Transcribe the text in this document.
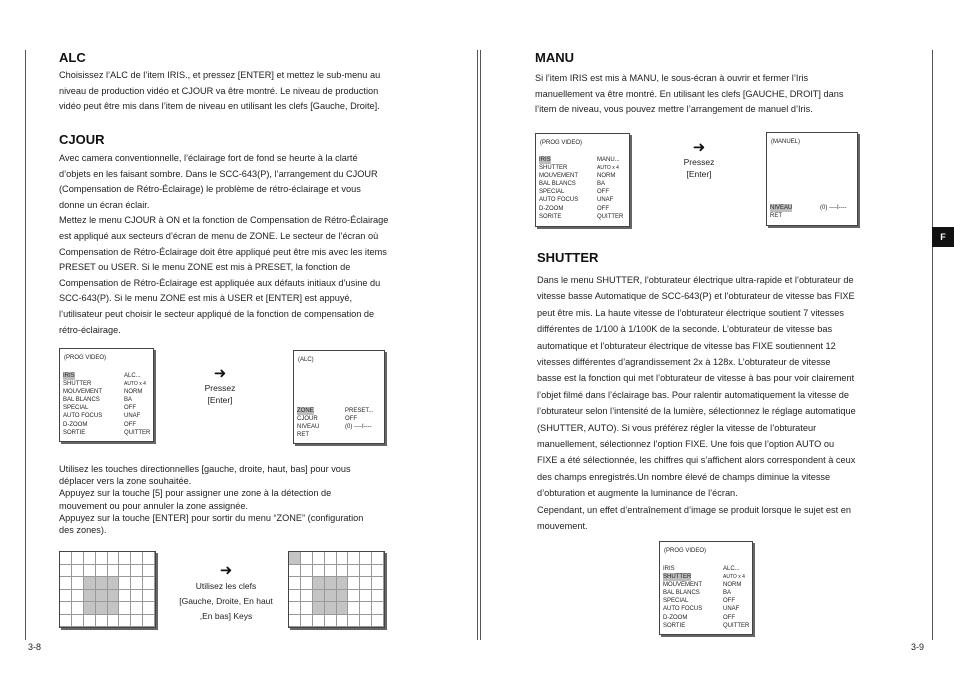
ALC

Choisissez l’ALC de l’item IRIS., et pressez [ENTER] et mettez le sub-menu au

niveau de production vidéo et CJOUR va être montré. Le niveau de production

vidéo peut être mis dans l’item de niveau en utilisant les clefs [Gauche, Droite].

CJOUR

Avec camera conventionnelle, l’éclairage fort de fond se heurte à la clarté

d’objets en les faisant sombre. Dans le SCC-643(P), l’arrangement du CJOUR

(Compensation de Rétro-Éclairage) le problème de rétro-éclairage et vous

donne un écran éclair.

Mettez le menu CJOUR à ON et la fonction de Compensation de Rétro-Éclairage

est appliqué aux secteurs d’écran de menu de ZONE. Le secteur de l’écran où

Compensation de Rétro-Éclairage doit être appliqué peut être mis avec les items

PRESET ou USER. Si le menu ZONE est mis à PRESET, la fonction de

Compensation de Rétro-Éclairage est appliquée aux défauts initiaux d’usine du

SCC-643(P). Si le menu ZONE est mis à USER et [ENTER] est appuyé,

l’utilisateur peut choisir le secteur appliqué de la fonction de compensation de

rétro-éclairage.

(PROG VIDEO)
IRIS	ALC...
SHUTTER	AUTO x 4
MOUVEMENT	NORM
BAL BLANCS	BA
SPECIAL	OFF
AUTO FOCUS	UNAF
D-ZOOM	OFF
SORTIE	QUITTER
➜
Pressez
[Enter]
(ALC)
ZONE	PRESET...
CJOUR	OFF
NIVEAU	(0) ----I----
RET

Utilisez les touches directionnelles [gauche, droite, haut, bas] pour vous

déplacer vers la zone souhaitée.

Appuyez sur la touche [5] pour assigner une zone à la détection de

mouvement ou pour annuler la zone assignée.

Appuyez sur la touche [ENTER] pour sortir du menu “ZONE” (configuration

des zones).

➜
Utilisez les clefs
[Gauche, Droite, En haut
,En bas] Keys
3-8
MANU

Si l’item IRIS est mis à MANU, le sous-écran à ouvrir et fermer l’Iris

manuellement va être montré. En utilisant les clefs [GAUCHE, DROIT] dans

l’item de niveau, vous pouvez mettre l’arrangement de manuel d’Iris.

(PROG VIDEO)
IRIS	MANU...
SHUTTER	AUTO x 4
MOUVEMENT	NORM
BAL BLANCS	BA
SPECIAL	OFF
AUTO FOCUS	UNAF
D-ZOOM	OFF
SORITE	QUITTER
➜
Pressez
[Enter]
(MANUEL)
NIVEAU	(0) ----I----
RET
SHUTTER

Dans le menu SHUTTER, l’obturateur électrique ultra-rapide et l’obturateur de

vitesse basse Automatique de SCC-643(P) et l’obturateur de vitesse bas FIXE

peut être mis. La haute vitesse de l’obturateur électrique soutient 7 vitesses

différentes de 1/100 à 1/100K de la seconde. L’obturateur de vitesse bas

automatique et l’obturateur électrique de vitesse bas FIXE soutiennent 12

vitesses différentes d’agrandissement 2x à 128x. L’obturateur de vitesse

basse est la fonction qui met l’obturateur de vitesse à bas pour voir clairement

l’objet filmé dans l’éclairage bas. Pour ralentir automatiquement la vitesse de

l’obturateur selon l’intensité de la lumière, sélectionnez le réglage automatique

(SHUTTER, AUTO). Si vous préférez régler la vitesse de l’obturateur

manuellement, sélectionnez l’option FIXE. Une fois que l’option AUTO ou

FIXE a été sélectionnée, les chiffres qui s’affichent alors correspondent à ceux

des champs enregistrés.Un nombre élevé de champs diminue la vitesse

d’obturation et augmente la luminance de l’écran.

Cependant, un effet d’entraînement d’image se produit lorsque le sujet est en

mouvement.

(PROG VIDEO)
IRIS	ALC...
SHUTTER	AUTO x 4
MOUVEMENT	NORM
BAL BLANCS	BA
SPECIAL	OFF
AUTO FOCUS	UNAF
D-ZOOM	OFF
SORTIE	QUITTER
F
3-9
